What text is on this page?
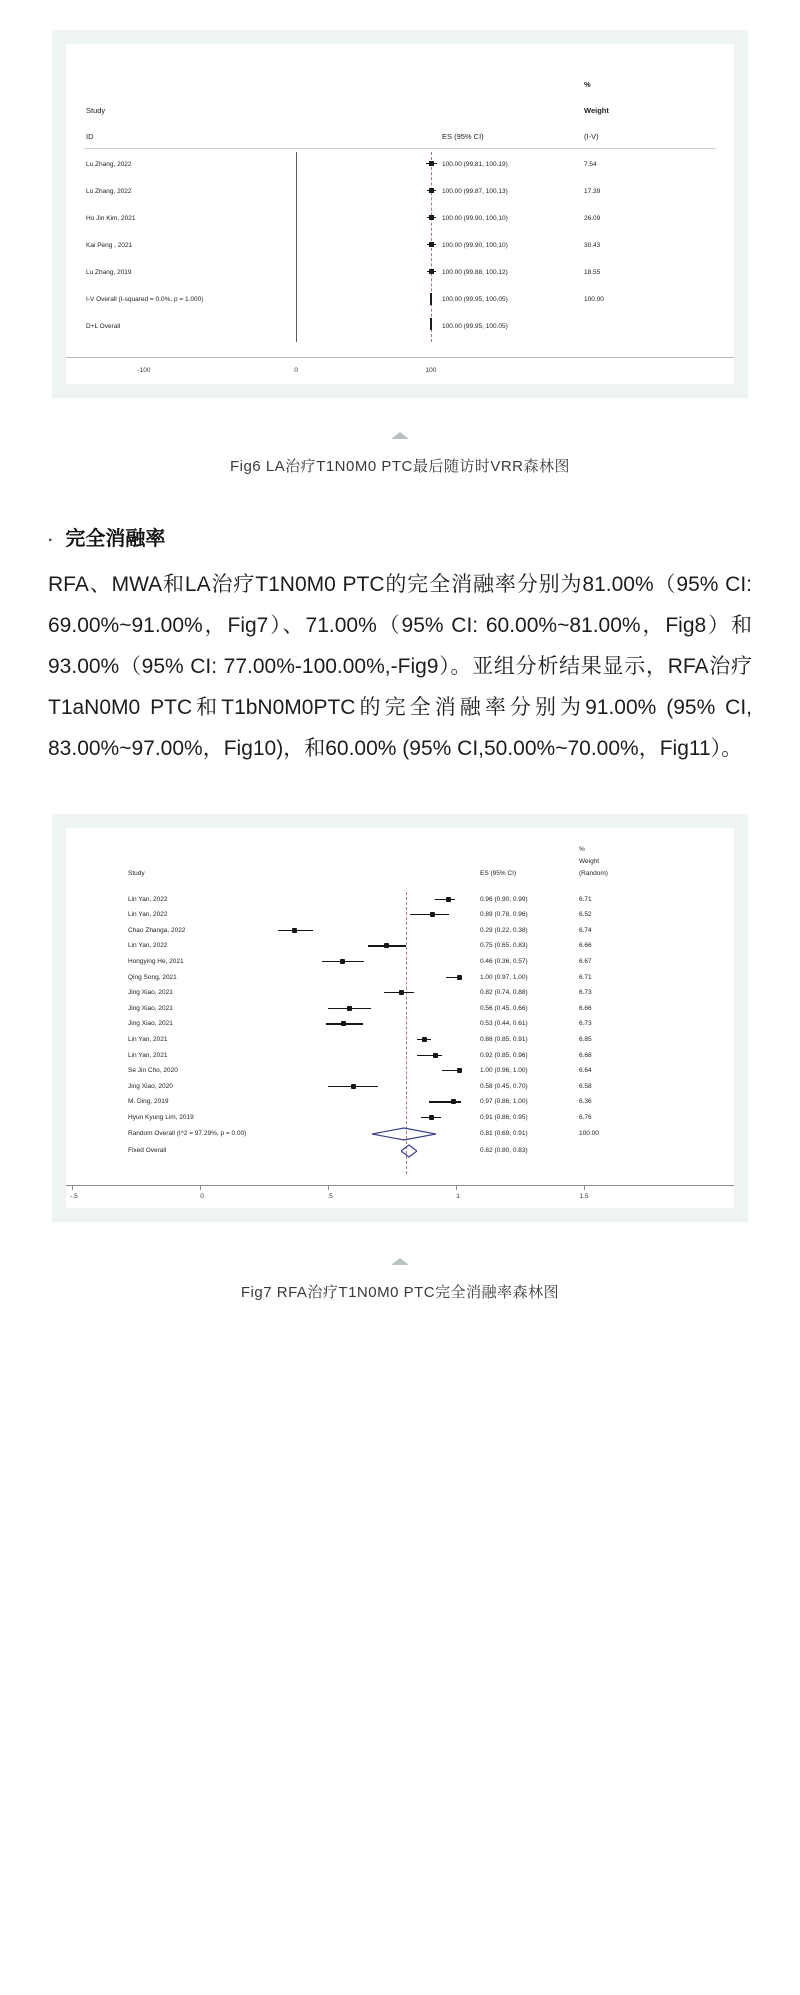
%
Weight
Study
ID	ES (95% CI)	(I-V)
Lu Zhang, 2022	100.00 (99.81, 100.19)	7.54
Lu Zhang, 2022	100.00 (99.87, 100.13)	17.39
Ho Jin Kim, 2021	100.00 (99.90, 100.10)	26.09
Kai Peng , 2021	100.00 (99.90, 100.10)	30.43
Lu Zhang, 2019	100.00 (99.88, 100.12)	18.55
I-V Overall (I-squared = 0.0%, p = 1.000)	100.00 (99.95, 100.05)	100.00
D+L Overall	100.00 (99.95, 100.05)
-100	0	100
Fig6 LA治疗T1N0M0 PTC最后随访时VRR森林图
· 完全消融率
RFA、MWA和LA治疗T1N0M0 PTC的完全消融率分别为81.00%（95% CI: 69.00%~91.00%，Fig7）、71.00%（95% CI: 60.00%~81.00%，Fig8）和93.00%（95% CI: 77.00%-100.00%,-Fig9）。亚组分析结果显示，RFA治疗T1aN0M0 PTC和T1bN0M0PTC的完全消融率分别为91.00% (95% CI, 83.00%~97.00%，Fig10)，和60.00% (95% CI,50.00%~70.00%，Fig11）。
%
Weight
Study	ES (95% CI)	(Random)
Lin Yan, 2022	0.96 (0.90, 0.99)	6.71
Lin Yan, 2022	0.89 (0.78, 0.96)	6.52
Chao Zhanga, 2022	0.29 (0.22, 0.38)	6.74
Lin Yan, 2022	0.75 (0.65, 0.83)	6.66
Hongying He, 2021	0.46 (0.36, 0.57)	6.67
Qing Song, 2021	1.00 (0.97, 1.00)	6.71
Jing Xiao, 2021	0.82 (0.74, 0.88)	6.73
Jing Xiao, 2021	0.56 (0.45, 0.66)	6.66
Jing Xiao, 2021	0.53 (0.44, 0.61)	6.73
Lin Yan, 2021	0.88 (0.85, 0.91)	6.85
Lin Yan, 2021	0.92 (0.85, 0.96)	6.68
Se Jin Cho, 2020	1.00 (0.96, 1.00)	6.64
Jing Xiao, 2020	0.58 (0.45, 0.70)	6.58
M. Ding, 2019	0.97 (0.86, 1.00)	6.36
Hyun Kyung Lim, 2019	0.91 (0.86, 0.95)	6.76
Random Overall (I^2 = 97.29%, p = 0.00)	0.81 (0.69, 0.91)	100.00
Fixed Overall	0.82 (0.80, 0.83)
-.5	0	.5	1	1.5
Fig7 RFA治疗T1N0M0 PTC完全消融率森林图
